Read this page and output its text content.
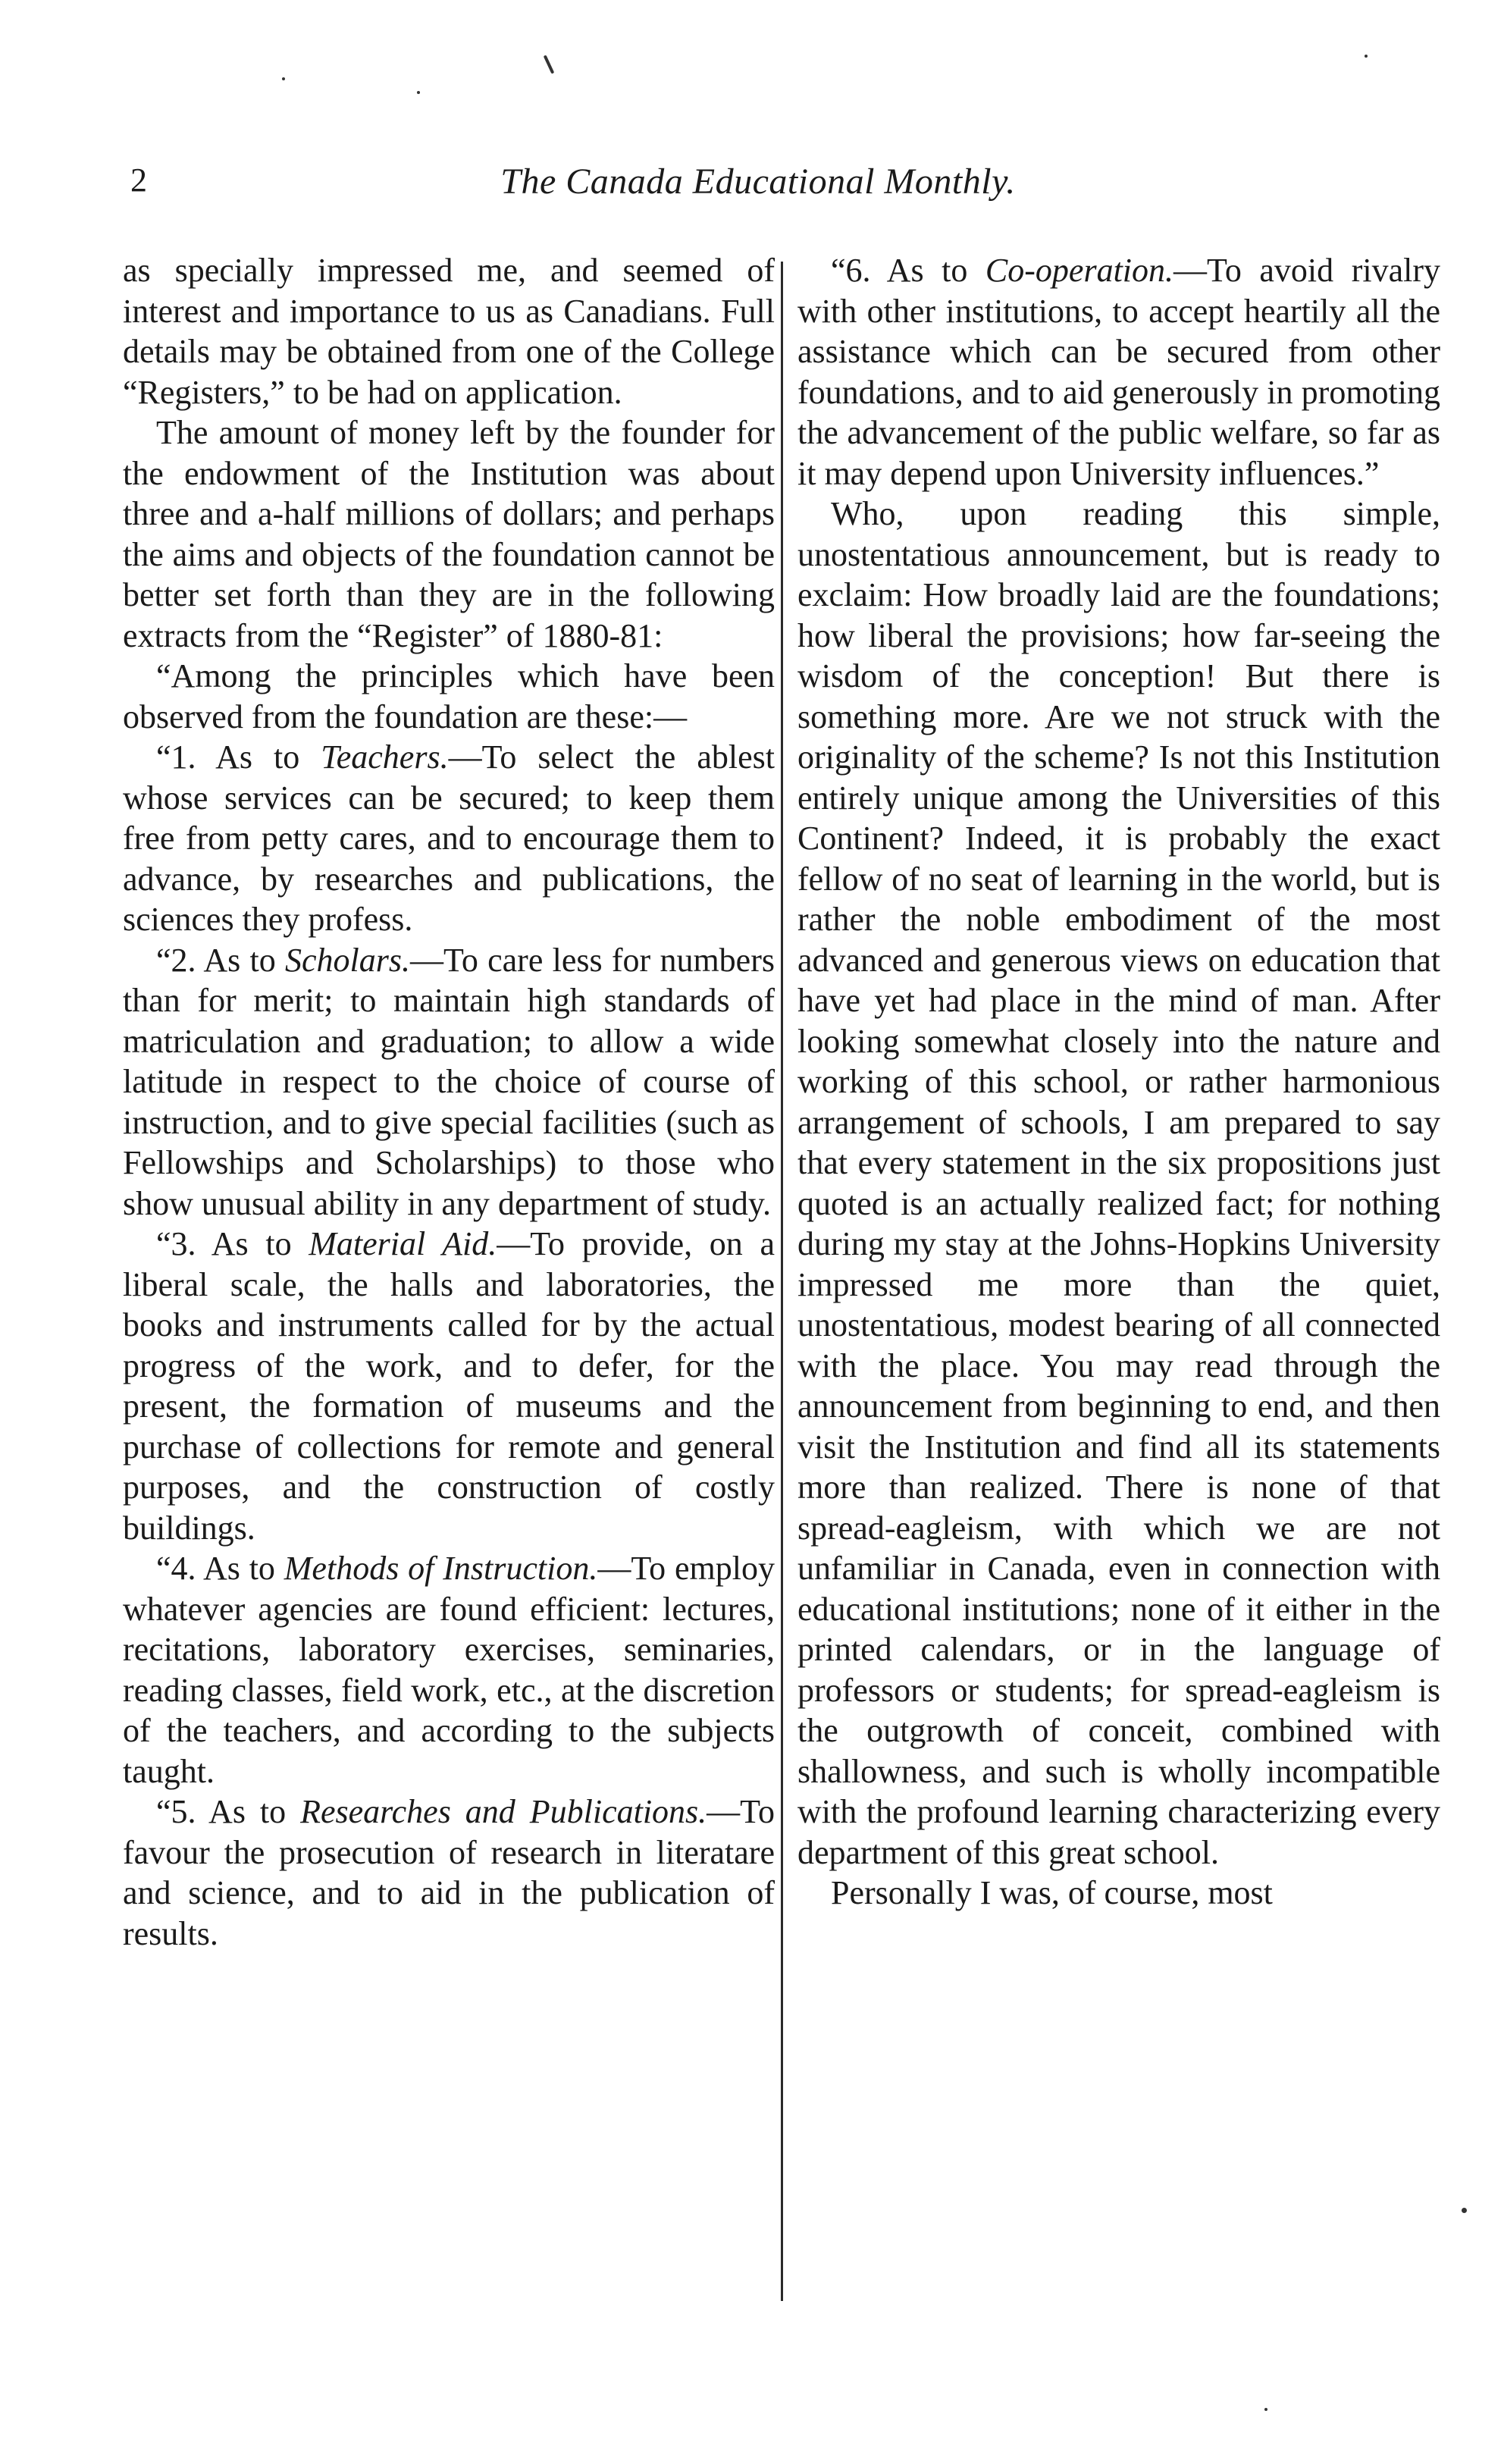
2	The Canada Educational Monthly.

as specially impressed me, and seemed of interest and importance to us as Canadians. Full details may be obtained from one of the College “Registers,” to be had on application.

The amount of money left by the founder for the endowment of the Institution was about three and a-half millions of dollars; and perhaps the aims and objects of the foundation cannot be better set forth than they are in the following extracts from the “Register” of 1880-81:

“Among the principles which have been observed from the foundation are these:—

“1. As to Teachers.—To select the ablest whose services can be secured; to keep them free from petty cares, and to encourage them to advance, by researches and publications, the sciences they profess.

“2. As to Scholars.—To care less for numbers than for merit; to maintain high standards of matriculation and graduation; to allow a wide latitude in respect to the choice of course of instruction, and to give special facilities (such as Fellowships and Scholarships) to those who show unusual ability in any department of study.

“3. As to Material Aid.—To provide, on a liberal scale, the halls and laboratories, the books and instruments called for by the actual progress of the work, and to defer, for the present, the formation of museums and the purchase of collections for remote and general purposes, and the construction of costly buildings.

“4. As to Methods of Instruction.—To employ whatever agencies are found efficient: lectures, recitations, laboratory exercises, seminaries, reading classes, field work, etc., at the discretion of the teachers, and according to the subjects taught.

“5. As to Researches and Publications.—To favour the prosecution of research in literatare and science, and to aid in the publication of results.

“6. As to Co-operation.—To avoid rivalry with other institutions, to accept heartily all the assistance which can be secured from other foundations, and to aid generously in promoting the advancement of the public welfare, so far as it may depend upon University influences.”

Who, upon reading this simple, unostentatious announcement, but is ready to exclaim: How broadly laid are the foundations; how liberal the provisions; how far-seeing the wisdom of the conception! But there is something more. Are we not struck with the originality of the scheme? Is not this Institution entirely unique among the Universities of this Continent? Indeed, it is probably the exact fellow of no seat of learning in the world, but is rather the noble embodiment of the most advanced and generous views on education that have yet had place in the mind of man. After looking somewhat closely into the nature and working of this school, or rather harmonious arrangement of schools, I am prepared to say that every statement in the six propositions just quoted is an actually realized fact; for nothing during my stay at the Johns-Hopkins University impressed me more than the quiet, unostentatious, modest bearing of all connected with the place. You may read through the announcement from beginning to end, and then visit the Institution and find all its statements more than realized. There is none of that spread-eagleism, with which we are not unfamiliar in Canada, even in connection with educational institutions; none of it either in the printed calendars, or in the language of professors or students; for spread-eagleism is the outgrowth of conceit, combined with shallowness, and such is wholly incompatible with the profound learning characterizing every department of this great school.

Personally I was, of course, most
